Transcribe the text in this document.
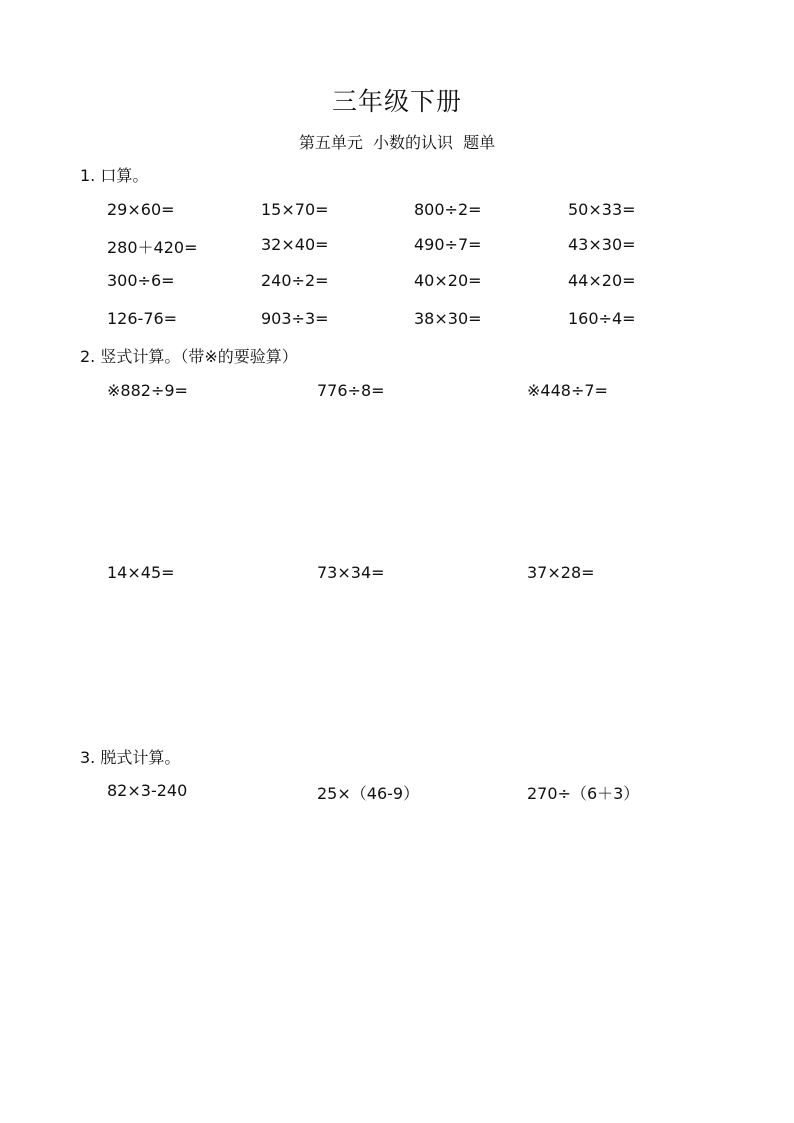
三年级下册
第五单元  小数的认识  题单
1. 口算。
29×60=	15×70=	800÷2=	50×33=
280＋420=	32×40=	490÷7=	43×30=
300÷6=	240÷2=	40×20=	44×20=
126-76=	903÷3=	38×30=	160÷4=
2. 竖式计算。（带※的要验算）
※882÷9=	776÷8=	※448÷7=
14×45=	73×34=	37×28=
3. 脱式计算。
82×3-240	25×（46-9）	270÷（6＋3）
